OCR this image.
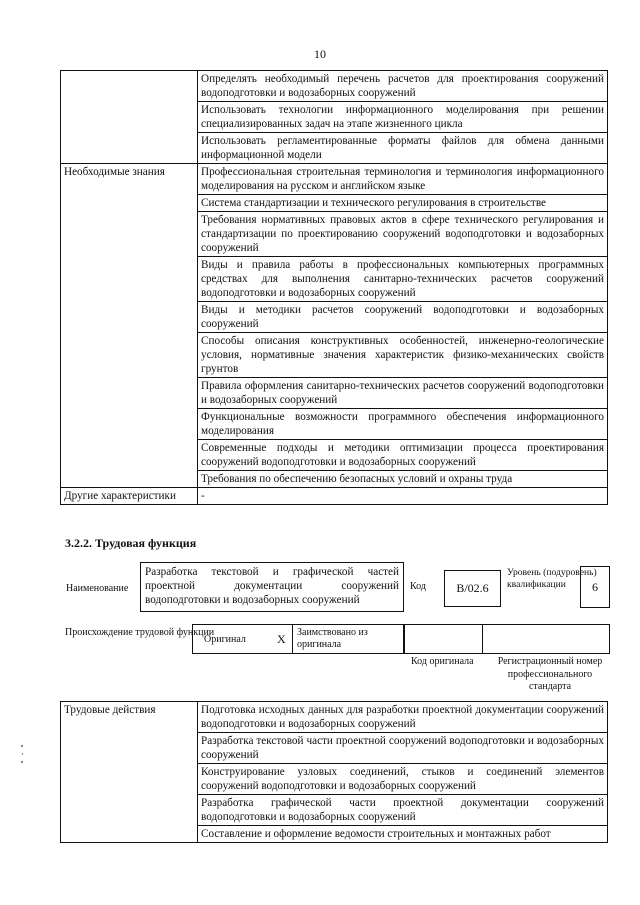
10
	Определять необходимый перечень расчетов для проектирования сооружений водоподготовки и водозаборных сооружений
	Использовать технологии информационного моделирования при решении специализированных задач на этапе жизненного цикла
	Использовать регламентированные форматы файлов для обмена данными информационной модели
Необходимые знания	Профессиональная строительная терминология и терминология информационного моделирования на русском и английском языке
	Система стандартизации и технического регулирования в строительстве
	Требования нормативных правовых актов в сфере технического регулирования и стандартизации по проектированию сооружений водоподготовки и водозаборных сооружений
	Виды и правила работы в профессиональных компьютерных программных средствах для выполнения санитарно-технических расчетов сооружений водоподготовки и водозаборных сооружений
	Виды и методики расчетов сооружений водоподготовки и водозаборных сооружений
	Способы описания конструктивных особенностей, инженерно-геологические условия, нормативные значения характеристик физико-механических свойств грунтов
	Правила оформления санитарно-технических расчетов сооружений водоподготовки и водозаборных сооружений
	Функциональные возможности программного обеспечения информационного моделирования
	Современные подходы и методики оптимизации процесса проектирования сооружений водоподготовки и водозаборных сооружений
	Требования по обеспечению безопасных условий и охраны труда
Другие характеристики	-
3.2.2. Трудовая функция
Наименование
Разработка текстовой и графической частей проектной документации сооружений водоподготовки и водозаборных сооружений
Код	B/02.6
Уровень (подуровень) квалификации	6
Происхождение трудовой функции
Оригинал	X	Заимствовано из оригинала
Код оригинала	Регистрационный номер профессионального стандарта
Трудовые действия	Подготовка исходных данных для разработки проектной документации сооружений водоподготовки и водозаборных сооружений
Разработка текстовой части проектной сооружений водоподготовки и водозаборных сооружений
Конструирование узловых соединений, стыков и соединений элементов сооружений водоподготовки и водозаборных сооружений
Разработка графической части проектной документации сооружений водоподготовки и водозаборных сооружений
Составление и оформление ведомости строительных и монтажных работ
